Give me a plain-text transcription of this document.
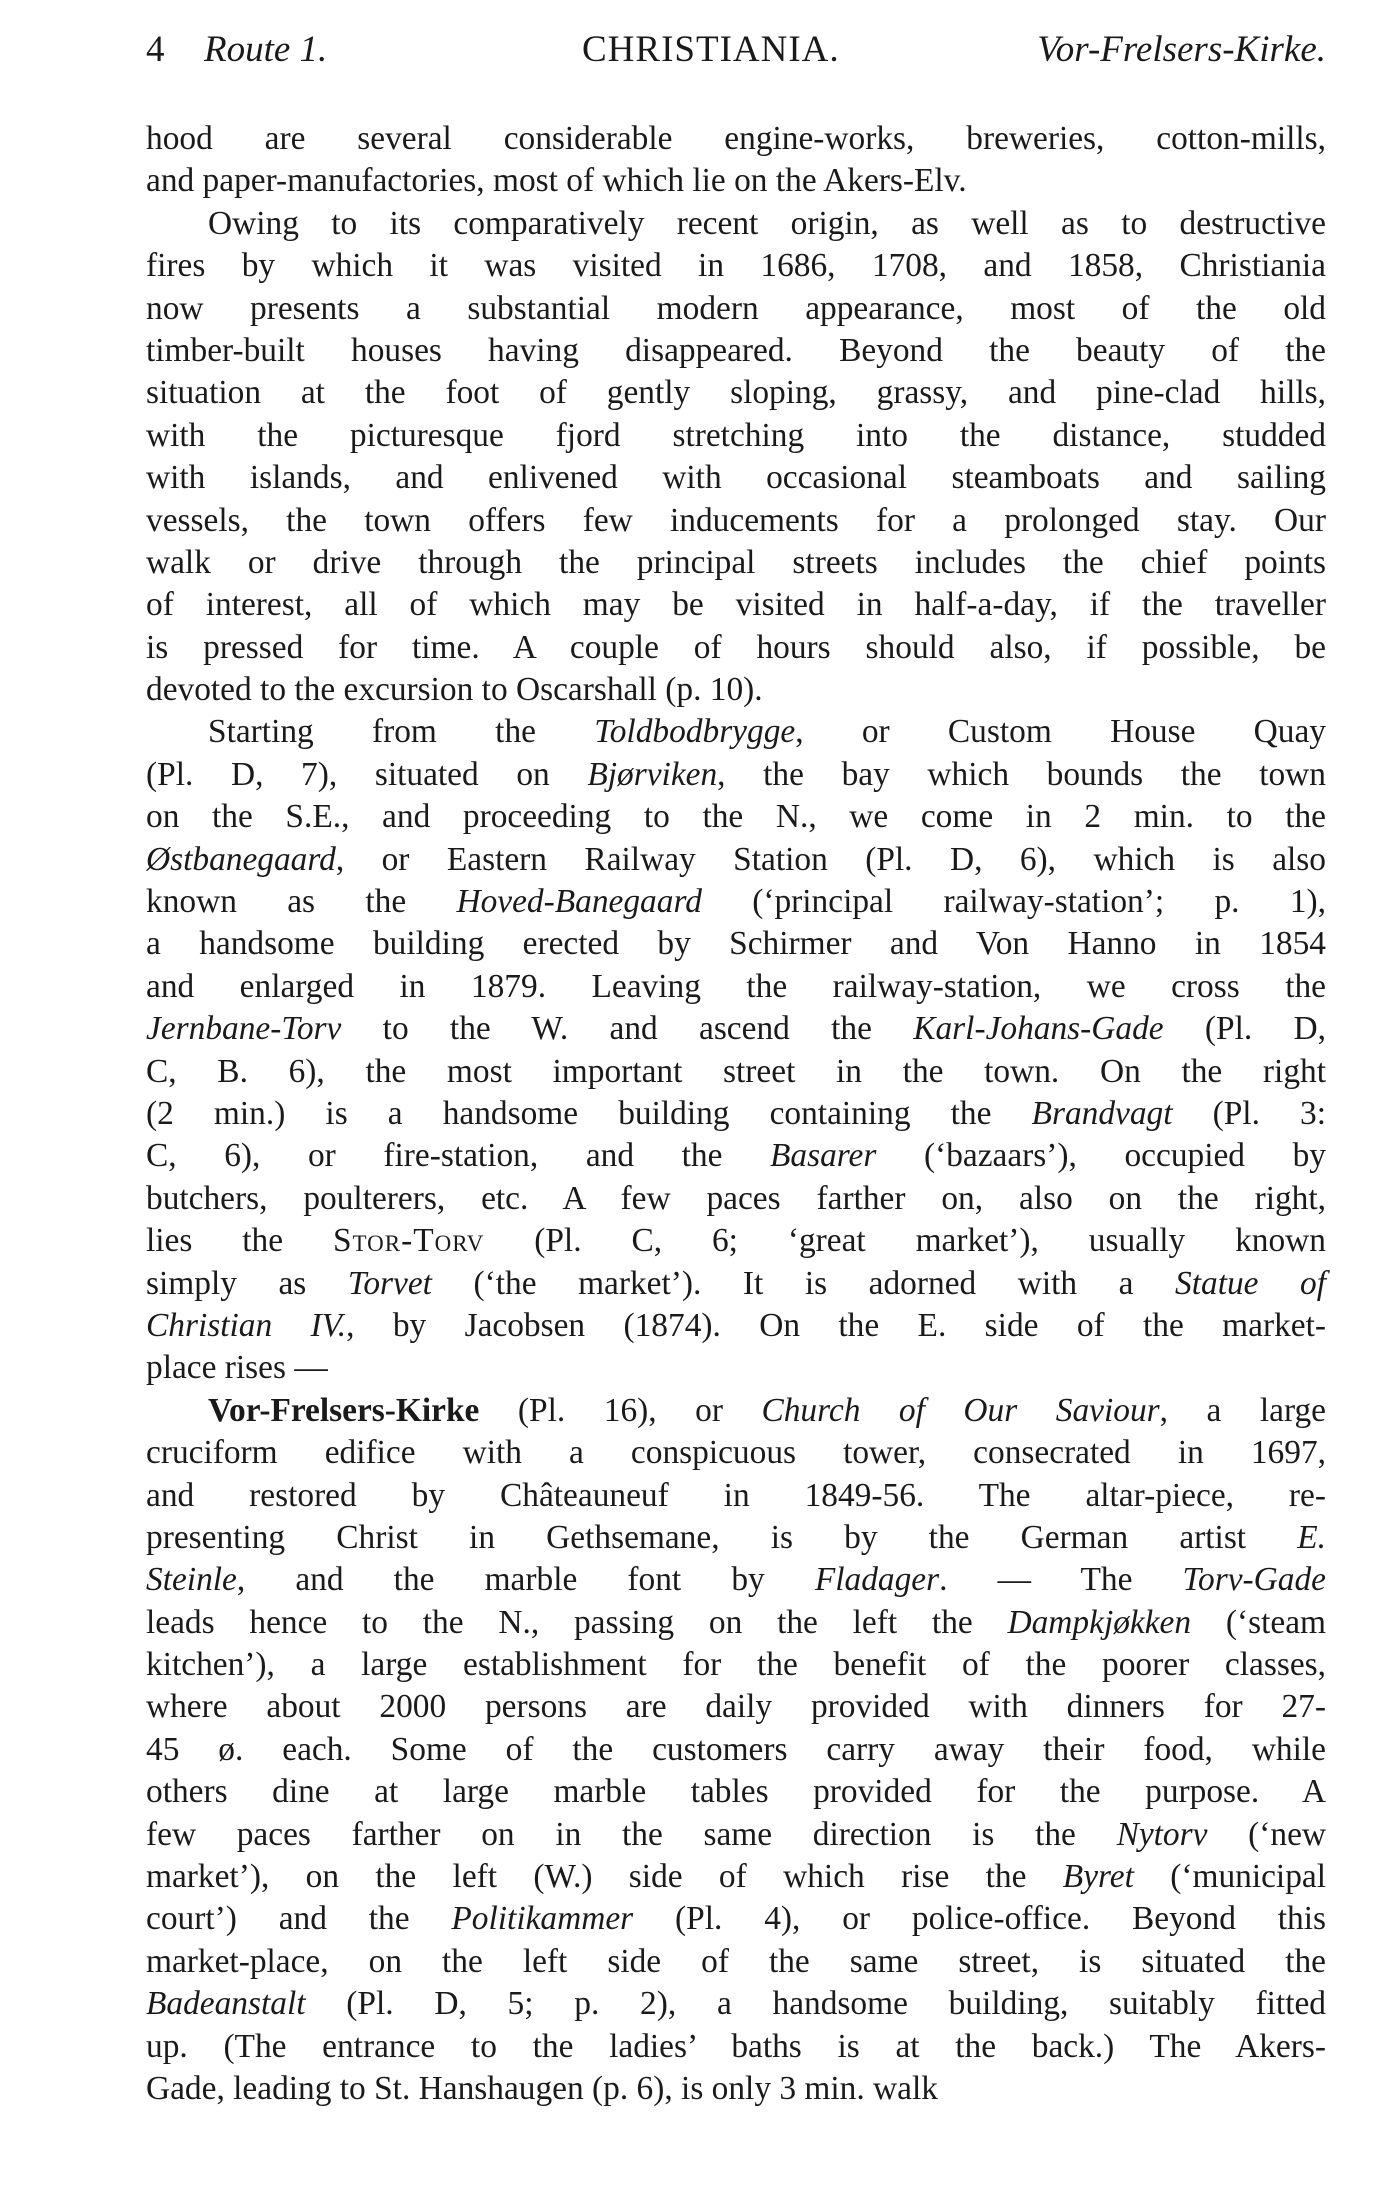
4 Route 1.	CHRISTIANIA.	Vor-Frelsers-Kirke.
hood are several considerable engine-works, breweries, cotton-mills,
and paper-manufactories, most of which lie on the Akers-Elv.
Owing to its comparatively recent origin, as well as to destructive
fires by which it was visited in 1686, 1708, and 1858, Christiania
now presents a substantial modern appearance, most of the old
timber-built houses having disappeared. Beyond the beauty of the
situation at the foot of gently sloping, grassy, and pine-clad hills,
with the picturesque fjord stretching into the distance, studded
with islands, and enlivened with occasional steamboats and sailing
vessels, the town offers few inducements for a prolonged stay. Our
walk or drive through the principal streets includes the chief points
of interest, all of which may be visited in half-a-day, if the traveller
is pressed for time. A couple of hours should also, if possible, be
devoted to the excursion to Oscarshall (p. 10).
Starting from the Toldbodbrygge, or Custom House Quay
(Pl. D, 7), situated on Bjørviken, the bay which bounds the town
on the S.E., and proceeding to the N., we come in 2 min. to the
Østbanegaard, or Eastern Railway Station (Pl. D, 6), which is also
known as the Hoved-Banegaard (‘principal railway-station’; p. 1),
a handsome building erected by Schirmer and Von Hanno in 1854
and enlarged in 1879. Leaving the railway-station, we cross the
Jernbane-Torv to the W. and ascend the Karl-Johans-Gade (Pl. D,
C, B. 6), the most important street in the town. On the right
(2 min.) is a handsome building containing the Brandvagt (Pl. 3:
C, 6), or fire-station, and the Basarer (‘bazaars’), occupied by
butchers, poulterers, etc. A few paces farther on, also on the right,
lies the Stor-Torv (Pl. C, 6; ‘great market’), usually known
simply as Torvet (‘the market’). It is adorned with a Statue of
Christian IV., by Jacobsen (1874). On the E. side of the market-
place rises —
Vor-Frelsers-Kirke (Pl. 16), or Church of Our Saviour, a large
cruciform edifice with a conspicuous tower, consecrated in 1697,
and restored by Châteauneuf in 1849-56. The altar-piece, re-
presenting Christ in Gethsemane, is by the German artist E.
Steinle, and the marble font by Fladager. — The Torv-Gade
leads hence to the N., passing on the left the Dampkjøkken (‘steam
kitchen’), a large establishment for the benefit of the poorer classes,
where about 2000 persons are daily provided with dinners for 27-
45 ø. each. Some of the customers carry away their food, while
others dine at large marble tables provided for the purpose. A
few paces farther on in the same direction is the Nytorv (‘new
market’), on the left (W.) side of which rise the Byret (‘municipal
court’) and the Politikammer (Pl. 4), or police-office. Beyond this
market-place, on the left side of the same street, is situated the
Badeanstalt (Pl. D, 5; p. 2), a handsome building, suitably fitted
up. (The entrance to the ladies’ baths is at the back.) The Akers-
Gade, leading to St. Hanshaugen (p. 6), is only 3 min. walk
